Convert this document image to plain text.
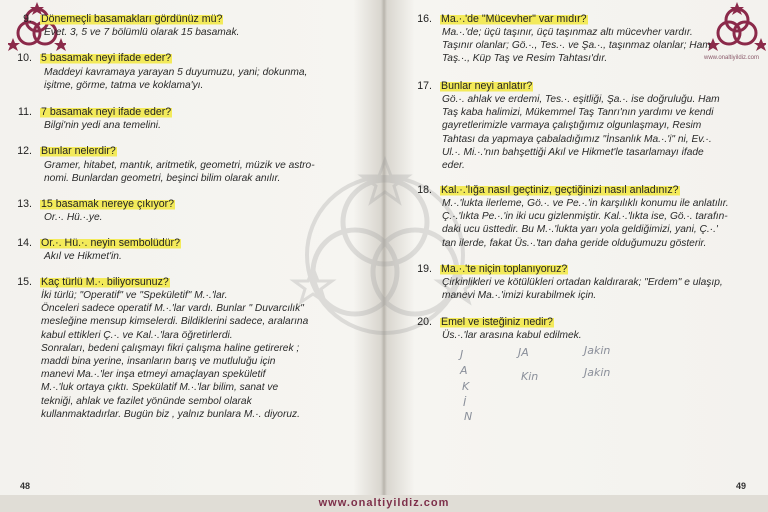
9. Dönemeçli basamakları gördünüz mü?
Evet. 3, 5 ve 7 bölümlü olarak 15 basamak.
10. 5 basamak neyi ifade eder?
Maddeyi kavramaya yarayan 5 duyumuzu, yani; dokunma,
işitme, görme, tatma ve koklama'yı.
11. 7 basamak neyi ifade eder?
Bilgi'nin yedi ana temelini.
12. Bunlar nelerdir?
Gramer, hitabet, mantık, aritmetik, geometri, müzik ve astro-
nomi. Bunlardan geometri, beşinci bilim olarak anılır.
13. 15 basamak nereye çıkıyor?
Or.·. Hü.·.ye.
14. Or.·. Hü.·. neyin sembolüdür?
Akıl ve Hikmet'in.
15. Kaç türlü M.·. biliyorsunuz?
İki türlü; "Operatif" ve "Spekületif" M.·.'lar.
Önceleri sadece operatif M.·.'lar vardı. Bunlar " Duvarcılık"
mesleğine mensup kimselerdi. Bildiklerini sadece, aralarına
kabul ettikleri Ç.·. ve Kal.·.'lara öğretirlerdi.
Sonraları, bedeni çalışmayı fikri çalışma haline getirerek ;
maddi bina yerine, insanların barış ve mutluluğu için
manevi Ma.·.'ler inşa etmeyi amaçlayan spekületif
M.·.'luk ortaya çıktı. Spekülatif M.·.'lar bilim, sanat ve
tekniği, ahlak ve fazilet yönünde sembol olarak
kullanmaktadırlar. Bugün biz , yalnız bunlara M.·. diyoruz.
48
www.onaltiyildiz.com
16. Ma.·.'de "Mücevher" var mıdır?
Ma.·.'de; üçü taşınır, üçü taşınmaz altı mücevher vardır.
Taşınır olanlar; Gö.·., Tes.·. ve Şa.·., taşınmaz olanlar; Ham
Taş.·., Küp Taş ve Resim Tahtası'dır.
17. Bunlar neyi anlatır?
Gö.·. ahlak ve erdemi, Tes.·. eşitliği, Şa.·. ise doğruluğu. Ham
Taş kaba halimizi, Mükemmel Taş Tanrı'nın yardımı ve kendi
gayretlerimizle varmaya çalıştığımız olgunlaşmayı, Resim
Tahtası da yapmaya çabaladığımız "İnsanlık Ma.·.'i" ni, Ev.·.
Ul.·. Mi.·.'nın bahşettiği Akıl ve Hikmet'le tasarlamayı ifade
eder.
18. Kal.·.'lığa nasıl geçtiniz, geçtiğinizi nasıl anladınız?
M.·.'lukta ilerleme, Gö.·. ve Pe.·.'in karşılıklı konumu ile anlatılır.
Ç.·.'lıkta Pe.·.'in iki ucu gizlenmiştir. Kal.·.'lıkta ise, Gö.·. tarafın-
daki ucu üsttedir. Bu M.·.'lukta yarı yola geldiğimizi, yani, Ç.·.'
tan ilerde, fakat Üs.·.'tan daha geride olduğumuzu gösterir.
19. Ma.·.'te niçin toplanıyoruz?
Çirkinlikleri ve kötülükleri ortadan kaldırarak; "Erdem" e ulaşıp,
manevi Ma.·.'imizi kurabilmek için.
20. Emel ve isteğiniz nedir?
Üs.·.'lar arasına kabul edilmek.
J
A
K
İ
N
JA
Kin
Jakin
Jakin
49
www.onaltiyildiz.com
